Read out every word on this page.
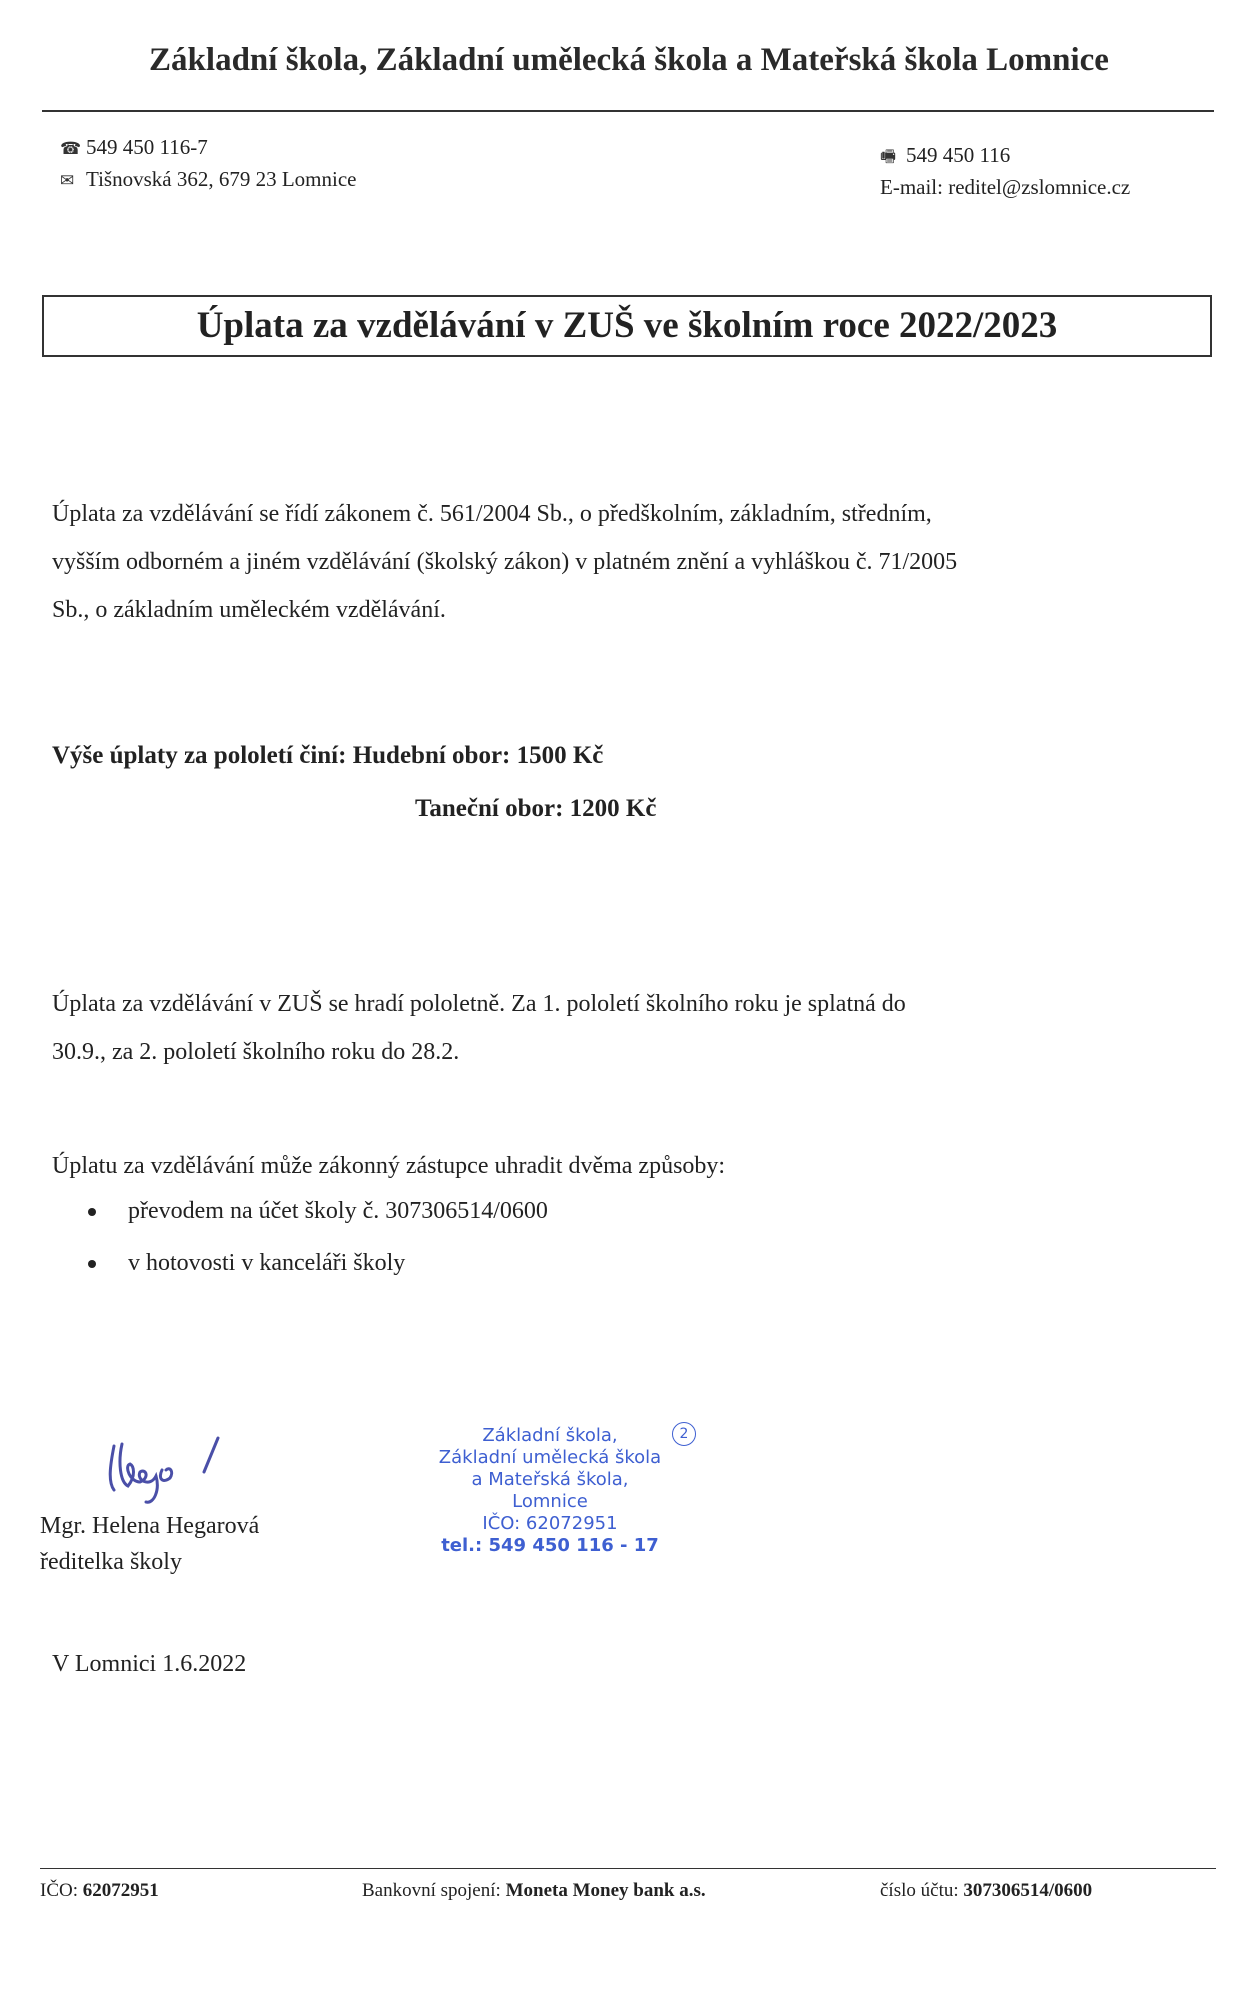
Základní škola, Základní umělecká škola a Mateřská škola Lomnice
☎ 549 450 116-7
✉ Tišnovská 362, 679 23 Lomnice
🖷 549 450 116
E-mail: reditel@zslomnice.cz
Úplata za vzdělávání v ZUŠ ve školním roce 2022/2023
Úplata za vzdělávání se řídí zákonem č. 561/2004 Sb., o předškolním, základním, středním,
vyšším odborném a jiném vzdělávání (školský zákon) v platném znění a vyhláškou č. 71/2005
Sb., o základním uměleckém vzdělávání.
Výše úplaty za pololetí činí: Hudební obor: 1500 Kč
Taneční obor: 1200 Kč
Úplata za vzdělávání v ZUŠ se hradí pololetně. Za 1. pololetí školního roku je splatná do
30.9., za 2. pololetí školního roku do 28.2.
Úplatu za vzdělávání může zákonný zástupce uhradit dvěma způsoby:
převodem na účet školy č. 307306514/0600
v hotovosti v kanceláři školy
Mgr. Helena Hegarová
ředitelka školy
Základní škola,
Základní umělecká škola
a Mateřská škola,
Lomnice
IČO: 62072951
tel.: 549 450 116 - 17
2
V Lomnici 1.6.2022
IČO: 62072951	Bankovní spojení: Moneta Money bank a.s.	číslo účtu: 307306514/0600
